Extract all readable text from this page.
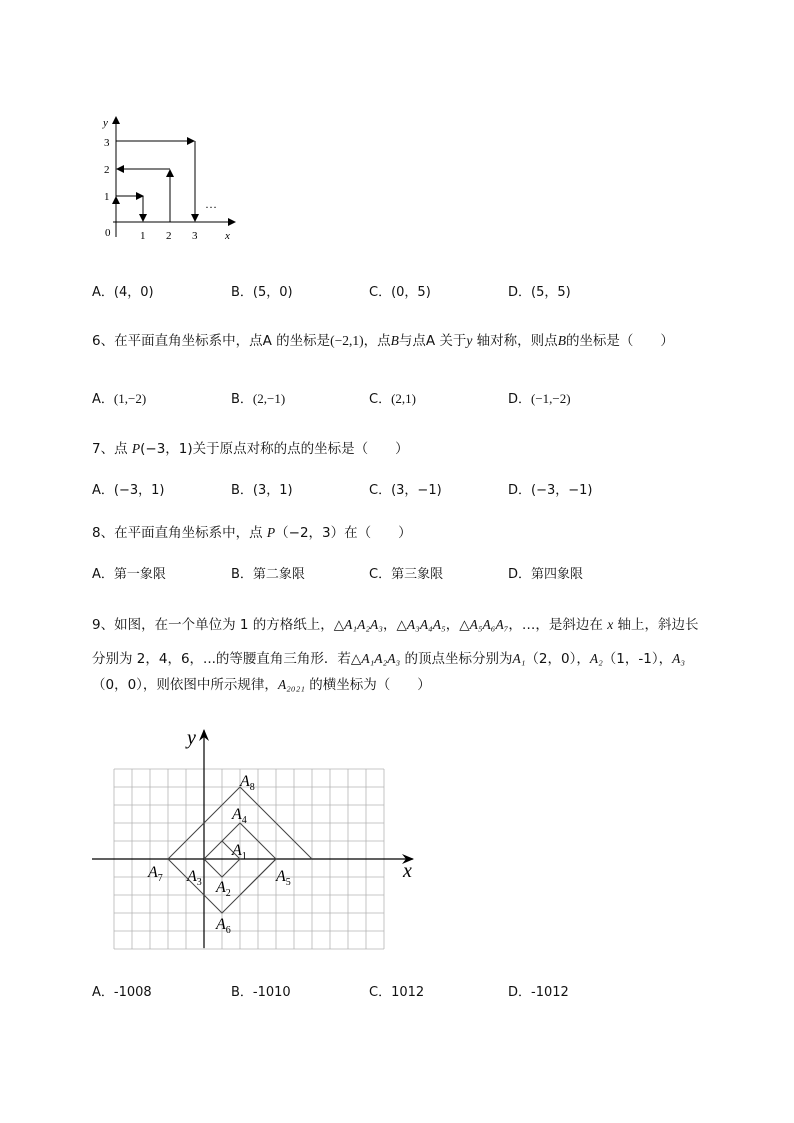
y
x
0
1
2
3
1 2 3
…
A．(4，0)	B．(5，0)	C．(0，5)	D．(5，5)
6、在平面直角坐标系中，点A 的坐标是(−2,1)，点B与点A 关于y 轴对称，则点B的坐标是（　　）
A．(1,−2)	B．(2,−1)	C．(2,1)	D．(−1,−2)
7、点 P(−3，1)关于原点对称的点的坐标是（　　）
A．(−3，1)	B．(3，1)	C．(3，−1)	D．(−3，−1)
8、在平面直角坐标系中，点 P（−2，3）在（　　）
A．第一象限	B．第二象限	C．第三象限	D．第四象限
9、如图，在一个单位为 1 的方格纸上，△A₁A₂A₃，△A₃A₄A₅，△A₅A₆A₇，…，是斜边在 x 轴上，斜边长
分别为 2，4，6，...的等腰直角三角形．若△A₁A₂A₃ 的顶点坐标分别为A₁（2，0），A₂（1，-1），A₃
（0，0），则依图中所示规律，A₂₀₂₁ 的横坐标为（　　）
y
x
$A_1$
$A_2$
$A_3$
$A_4$
$A_5$
$A_6$
$A_7$
$A_8$
A．-1008	B．-1010	C．1012	D．-1012
